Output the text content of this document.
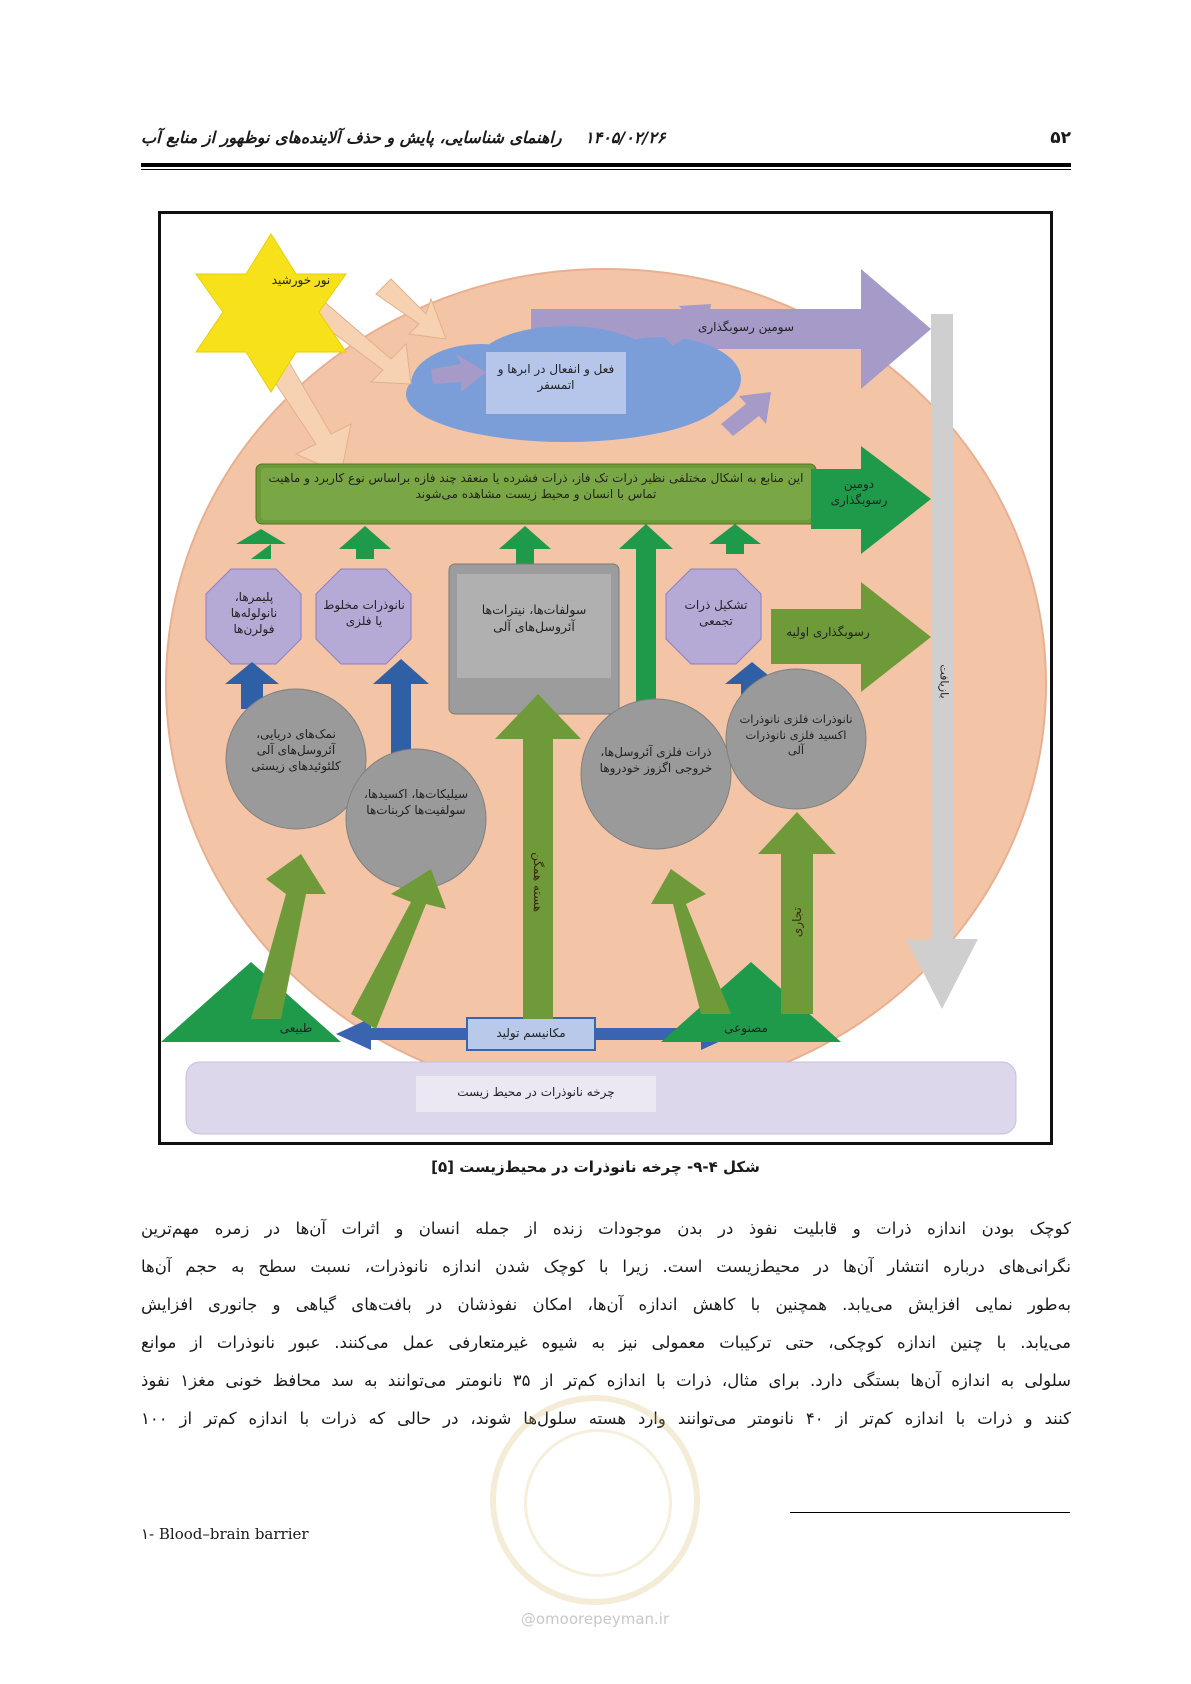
راهنمای شناسایی، پایش و حذف آلاینده‌های نوظهور از منابع آب ۱۴۰۵/۰۲/۲۶	۵۲
نور خورشید
فعل و انفعال در ابرها و اتمسفر
سومین رسوبگذاری
این منابع به اشکال مختلفی نظیر ذرات تک فاز، ذرات فشرده یا منعقد چند فازه براساس نوع کاربرد و ماهیت تماس با انسان و محیط زیست مشاهده می‌شوند
دومین رسوبگذاری
رسوبگذاری اولیه
بازیافت
پلیمرها، نانولوله‌ها فولرن‌ها
نانوذرات مخلوط یا فلزی
تشکیل ذرات تجمعی
سولفات‌ها، نیترات‌ها آئروسل‌های آلی
نمک‌های دریایی، آئروسل‌های آلی کلئوئیدهای زیستی
سیلیکات‌ها، اکسیدها، سولفیت‌ها کربنات‌ها
ذرات فلزی آئروسل‌ها، خروجی اگزوز خودروها
نانوذرات فلزی نانوذرات اکسید فلزی نانوذرات آلی
هسته همگن
تجاری
طبیعی	مصنوعی
مکانیسم تولید
چرخه نانوذرات در محیط زیست
شکل ۴-۹- چرخه نانوذرات در محیط‌زیست [۵]

کوچک بودن اندازه ذرات و قابلیت نفوذ در بدن موجودات زنده از جمله انسان و اثرات آن‌ها در زمره مهم‌ترین

نگرانی‌های درباره انتشار آن‌ها در محیط‌زیست است. زیرا با کوچک شدن اندازه نانوذرات، نسبت سطح به حجم آن‌ها

به‌طور نمایی افزایش می‌یابد. همچنین با کاهش اندازه آن‌ها، امکان نفوذشان در بافت‌های گیاهی و جانوری افزایش

می‌یابد. با چنین اندازه کوچکی، حتی ترکیبات معمولی نیز به شیوه غیرمتعارفی عمل می‌کنند. عبور نانوذرات از موانع

سلولی به اندازه آن‌ها بستگی دارد. برای مثال، ذرات با اندازه کم‌تر از ۳۵ نانومتر می‌توانند به سد محافظ خونی مغز۱ نفوذ

کنند و ذرات با اندازه کم‌تر از ۴۰ نانومتر می‌توانند وارد هسته سلول‌ها شوند، در حالی که ذرات با اندازه کم‌تر از ۱۰۰

@omoorepeyman.ir
۱- Blood–brain barrier
